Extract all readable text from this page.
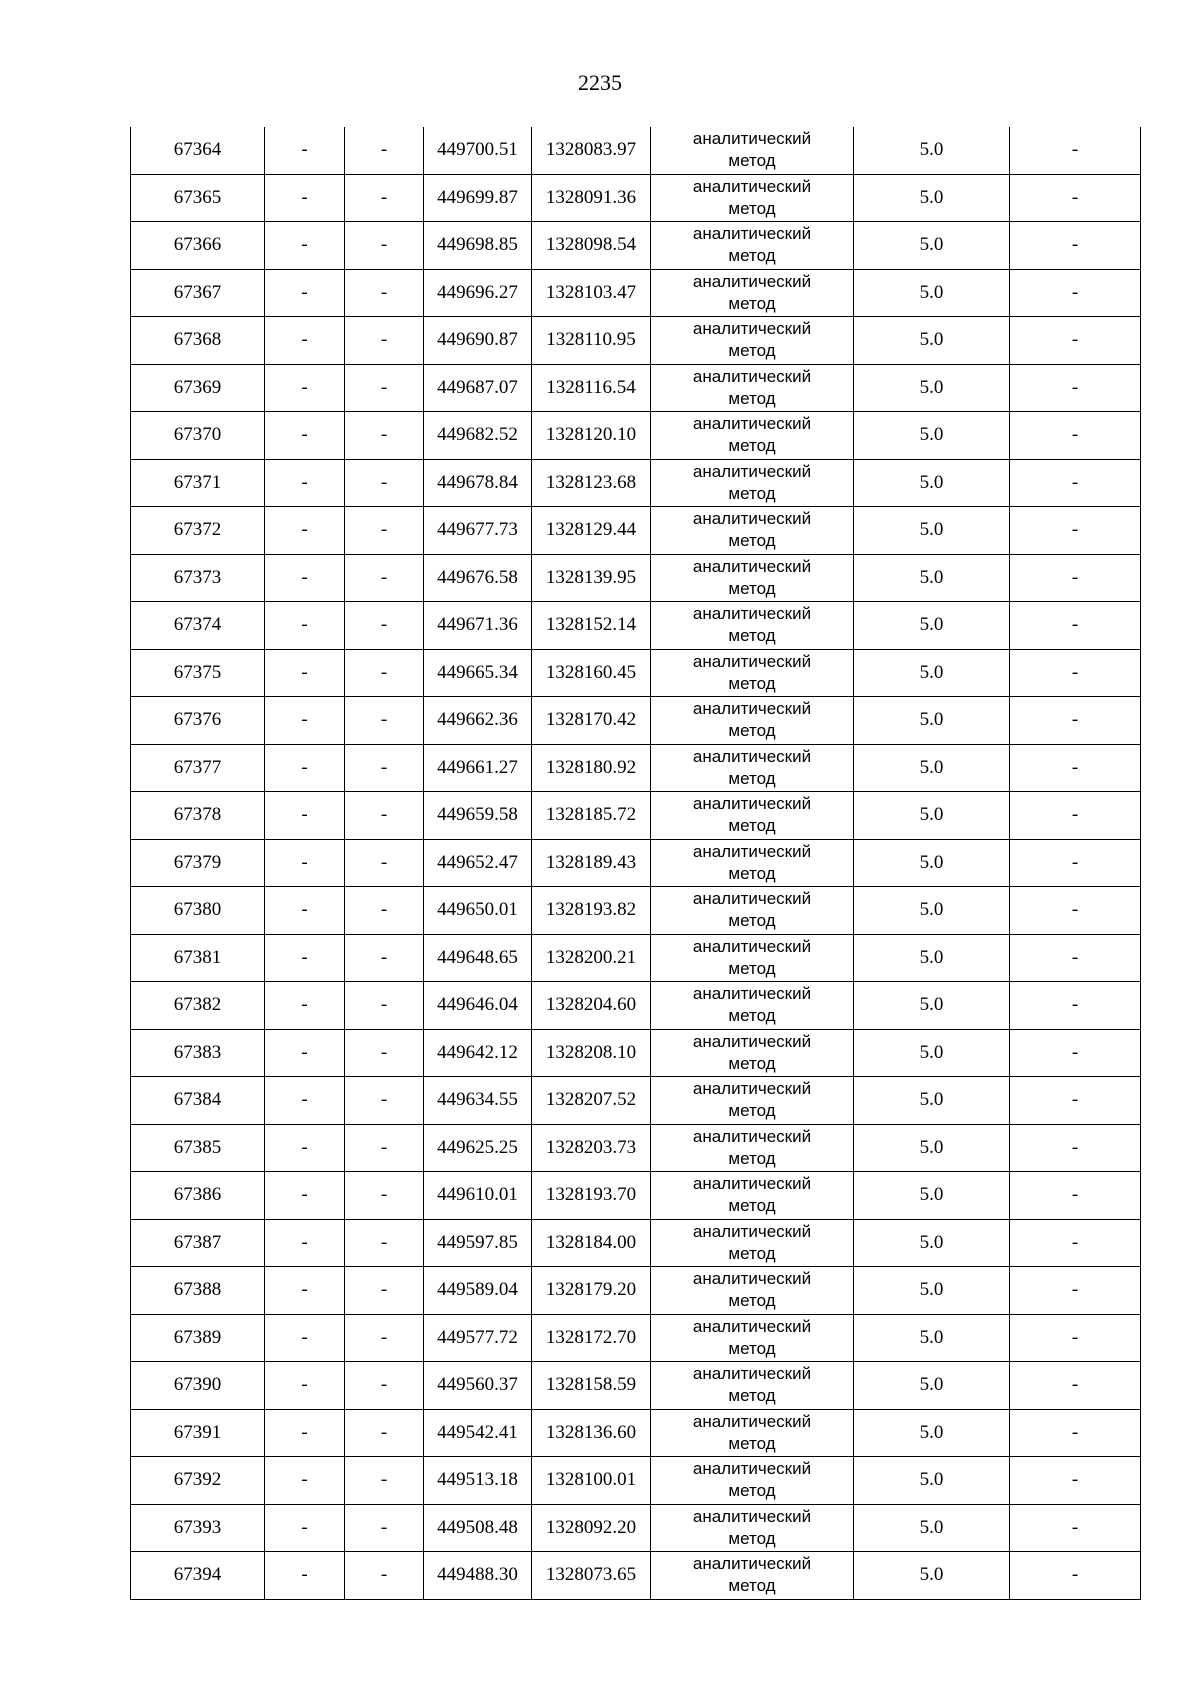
2235
67364	-	-	449700.51	1328083.97	аналитический метод	5.0	-
67365	-	-	449699.87	1328091.36	аналитический метод	5.0	-
67366	-	-	449698.85	1328098.54	аналитический метод	5.0	-
67367	-	-	449696.27	1328103.47	аналитический метод	5.0	-
67368	-	-	449690.87	1328110.95	аналитический метод	5.0	-
67369	-	-	449687.07	1328116.54	аналитический метод	5.0	-
67370	-	-	449682.52	1328120.10	аналитический метод	5.0	-
67371	-	-	449678.84	1328123.68	аналитический метод	5.0	-
67372	-	-	449677.73	1328129.44	аналитический метод	5.0	-
67373	-	-	449676.58	1328139.95	аналитический метод	5.0	-
67374	-	-	449671.36	1328152.14	аналитический метод	5.0	-
67375	-	-	449665.34	1328160.45	аналитический метод	5.0	-
67376	-	-	449662.36	1328170.42	аналитический метод	5.0	-
67377	-	-	449661.27	1328180.92	аналитический метод	5.0	-
67378	-	-	449659.58	1328185.72	аналитический метод	5.0	-
67379	-	-	449652.47	1328189.43	аналитический метод	5.0	-
67380	-	-	449650.01	1328193.82	аналитический метод	5.0	-
67381	-	-	449648.65	1328200.21	аналитический метод	5.0	-
67382	-	-	449646.04	1328204.60	аналитический метод	5.0	-
67383	-	-	449642.12	1328208.10	аналитический метод	5.0	-
67384	-	-	449634.55	1328207.52	аналитический метод	5.0	-
67385	-	-	449625.25	1328203.73	аналитический метод	5.0	-
67386	-	-	449610.01	1328193.70	аналитический метод	5.0	-
67387	-	-	449597.85	1328184.00	аналитический метод	5.0	-
67388	-	-	449589.04	1328179.20	аналитический метод	5.0	-
67389	-	-	449577.72	1328172.70	аналитический метод	5.0	-
67390	-	-	449560.37	1328158.59	аналитический метод	5.0	-
67391	-	-	449542.41	1328136.60	аналитический метод	5.0	-
67392	-	-	449513.18	1328100.01	аналитический метод	5.0	-
67393	-	-	449508.48	1328092.20	аналитический метод	5.0	-
67394	-	-	449488.30	1328073.65	аналитический метод	5.0	-
